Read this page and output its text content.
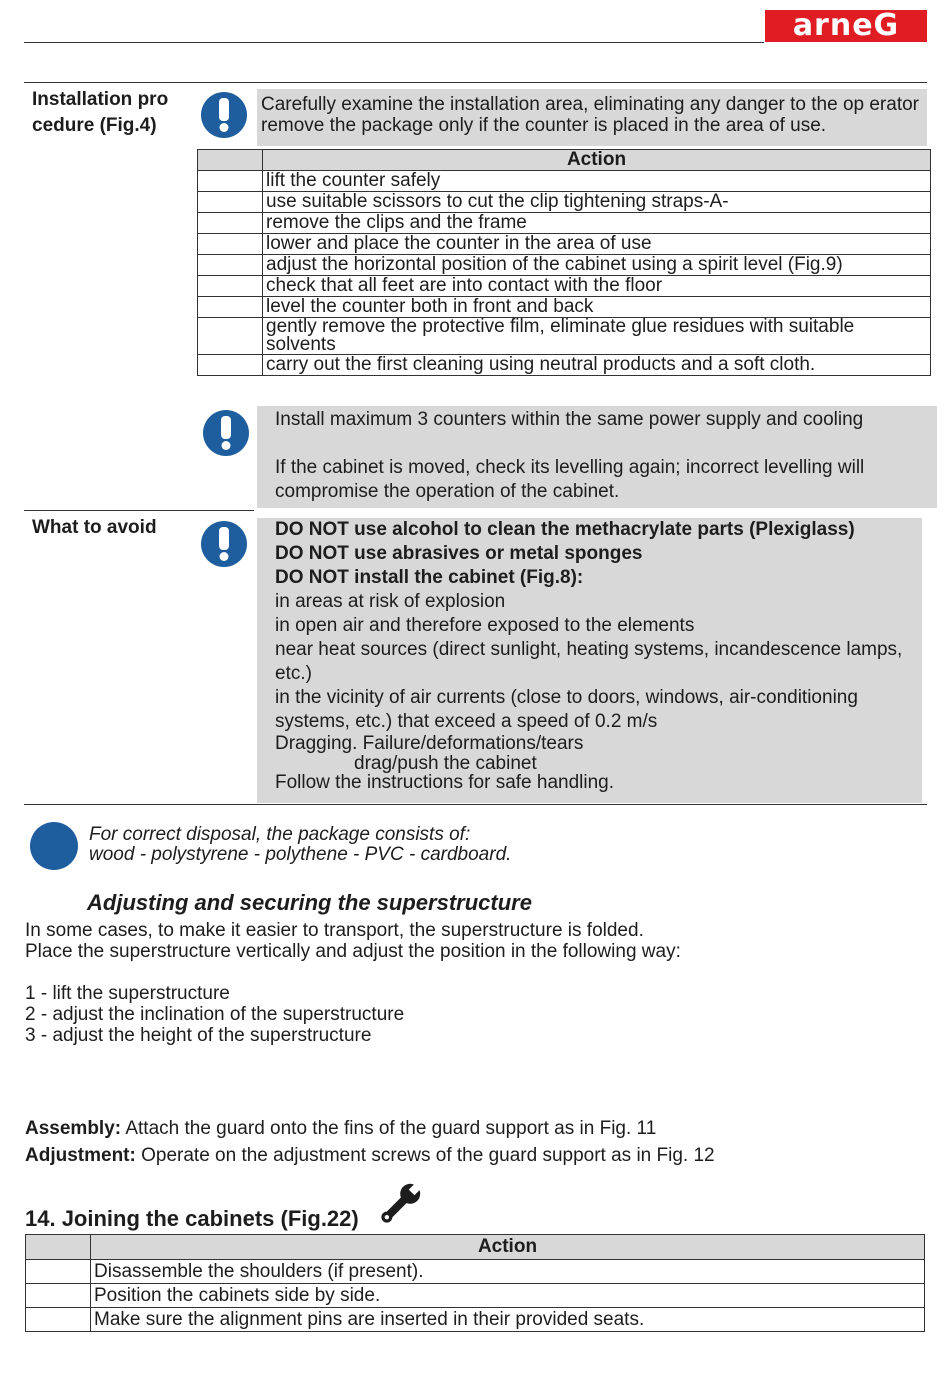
arneG
Installation pro cedure (Fig.4)
Carefully examine the installation area, eliminating any danger to the op erator remove the package only if the counter is placed in the area of use.
	Action
	lift the counter safely
	use suitable scissors to cut the clip tightening straps-A-
	remove the clips and the frame
	lower and place the counter in the area of use
	adjust the horizontal position of the cabinet using a spirit level (Fig.9)
	check that all feet are into contact with the floor
	level the counter both in front and back
	gently remove the protective film, eliminate glue residues with suitable solvents
	carry out the first cleaning using neutral products and a soft cloth.
Install maximum 3 counters within the same power supply and cooling
If the cabinet is moved, check its levelling again; incorrect levelling will compromise the operation of the cabinet.
What to avoid	DO NOT use alcohol to clean the methacrylate parts (Plexiglass)
DO NOT use abrasives or metal sponges
DO NOT install the cabinet (Fig.8):
in areas at risk of explosion
in open air and therefore exposed to the elements
near heat sources (direct sunlight, heating systems, incandescence lamps, etc.)
in the vicinity of air currents (close to doors, windows, air-conditioning systems, etc.) that exceed a speed of 0.2 m/s
Dragging. Failure/deformations/tears
drag/push the cabinet
Follow the instructions for safe handling.
For correct disposal, the package consists of:
wood - polystyrene - polythene - PVC - cardboard.
Adjusting and securing the superstructure
In some cases, to make it easier to transport, the superstructure is folded.
Place the superstructure vertically and adjust the position in the following way:
1 - lift the superstructure
2 - adjust the inclination of the superstructure
3 - adjust the height of the superstructure
Assembly: Attach the guard onto the fins of the guard support as in Fig. 11
Adjustment: Operate on the adjustment screws of the guard support as in Fig. 12
14. Joining the cabinets (Fig.22)
	Action
	Disassemble the shoulders (if present).
	Position the cabinets side by side.
	Make sure the alignment pins are inserted in their provided seats.
